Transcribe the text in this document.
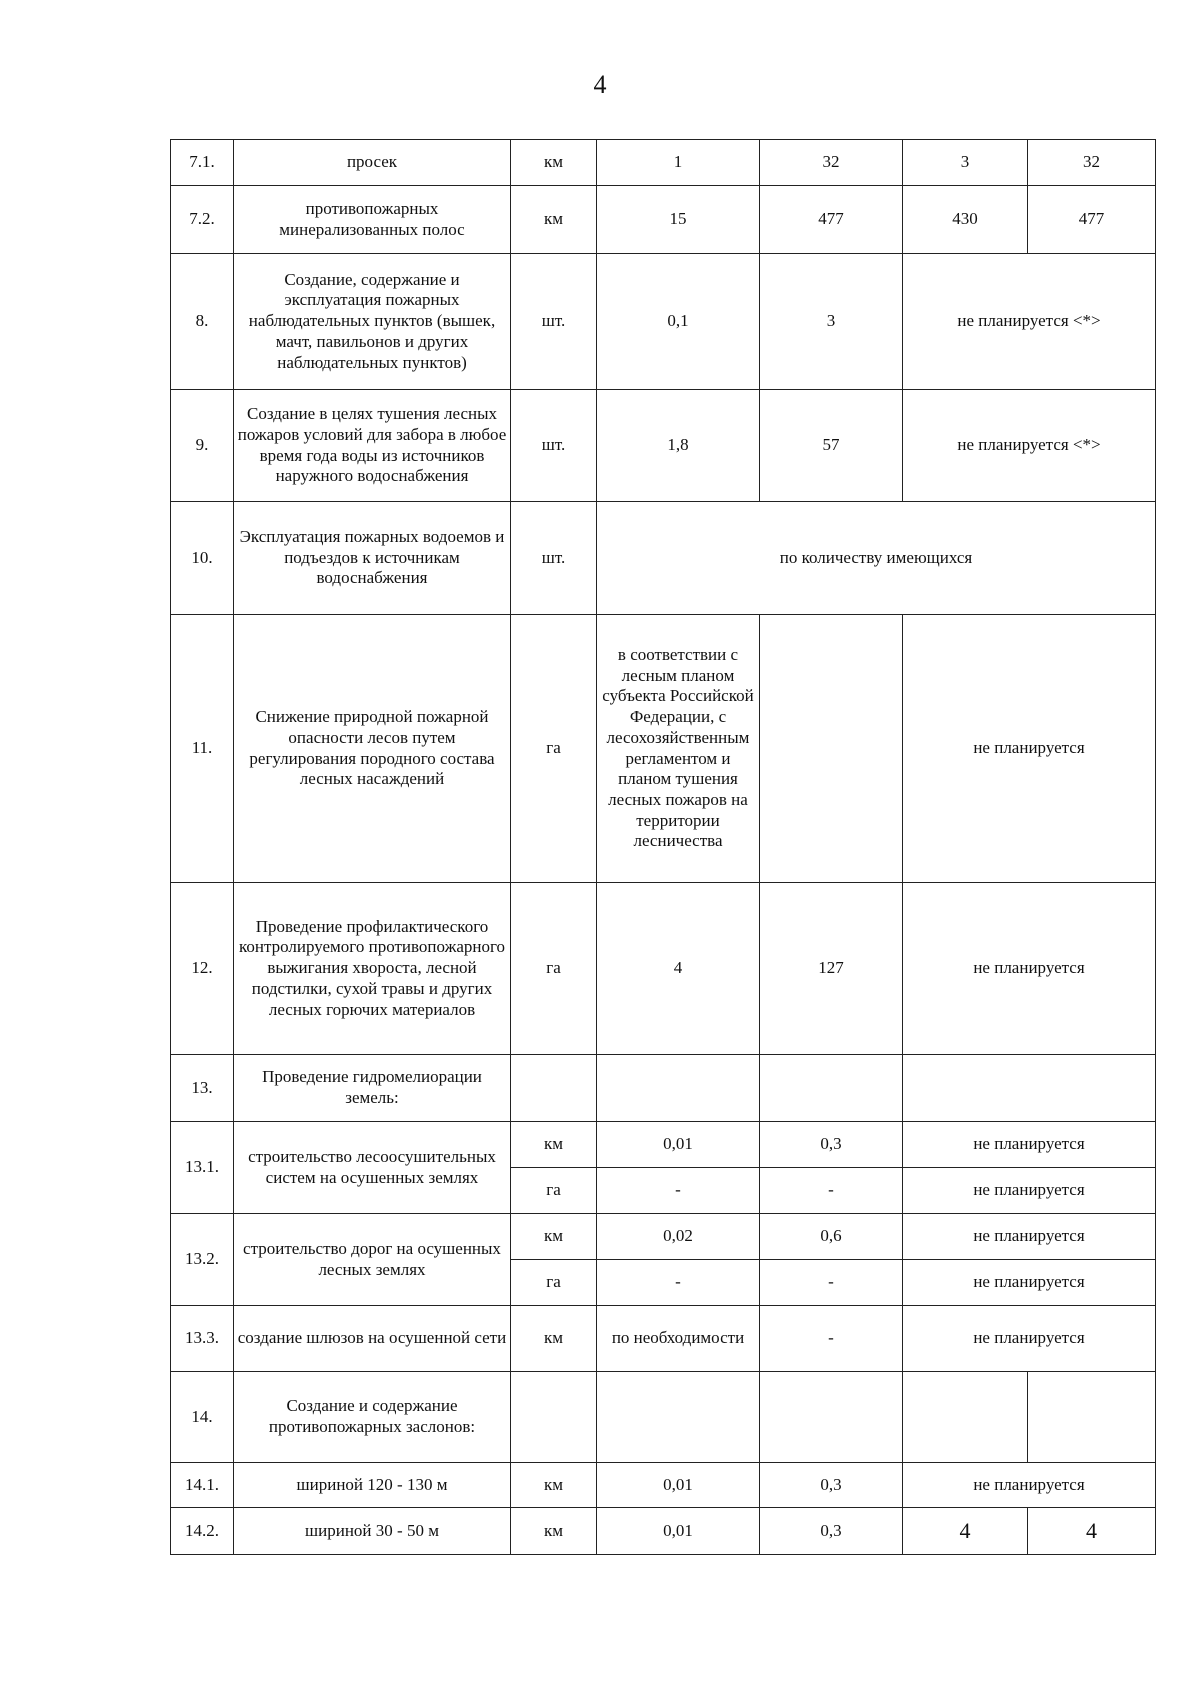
4
7.1.	просек	км	1	32	3	32
7.2.	противопожарных минерализованных полос	км	15	477	430	477
8.	Создание, содержание и эксплуатация пожарных наблюдательных пунктов (вышек, мачт, павильонов и других наблюдательных пунктов)	шт.	0,1	3	не планируется <*>	
9.	Создание в целях тушения лесных пожаров условий для забора в любое время года воды из источников наружного водоснабжения	шт.	1,8	57	не планируется <*>	
10.	Эксплуатация пожарных водоемов и подъездов к источникам водоснабжения	шт.	по количеству имеющихся			
11.	Снижение природной пожарной опасности лесов путем регулирования породного состава лесных насаждений	га	в соответствии с лесным планом субъекта Российской Федерации, с лесохозяйственным регламентом и планом тушения лесных пожаров на территории лесничества		не планируется	
12.	Проведение профилактического контролируемого противопожарного выжигания хвороста, лесной подстилки, сухой травы и других лесных горючих материалов	га	4	127	не планируется	
13.	Проведение гидромелиорации земель:					
13.1.	строительство лесоосушительных систем на осушенных землях	км	0,01	0,3	не планируется	
		га	-	-	не планируется	
13.2.	строительство дорог на осушенных лесных землях	км	0,02	0,6	не планируется	
		га	-	-	не планируется	
13.3.	создание шлюзов на осушенной сети	км	по необходимости	-	не планируется	
14.	Создание и содержание противопожарных заслонов:					
14.1.	шириной 120 - 130 м	км	0,01	0,3	не планируется	
14.2.	шириной 30 - 50 м	км	0,01	0,3	4	4
